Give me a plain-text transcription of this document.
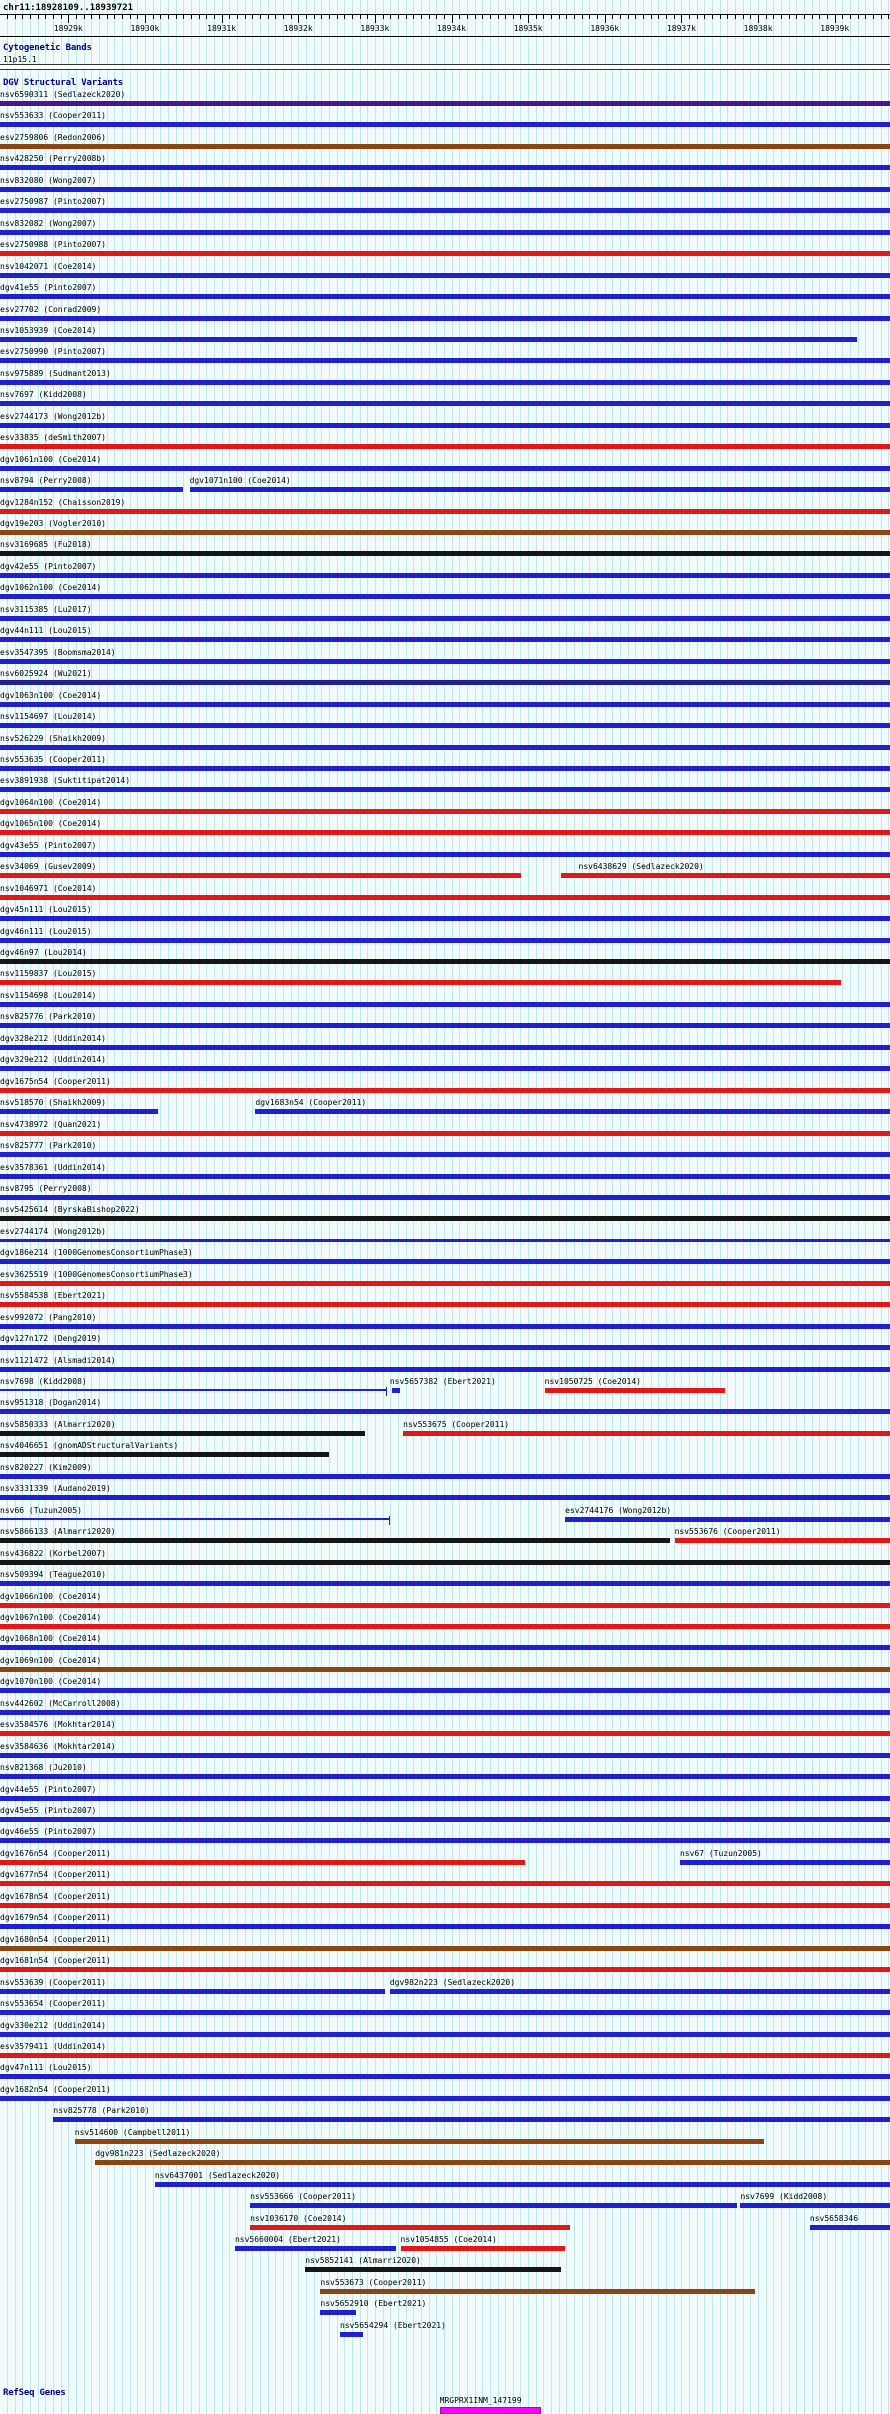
chr11:18928109..18939721
18929k	18930k	18931k	18932k	18933k	18934k	18935k	18936k	18937k	18938k	18939k
Cytogenetic Bands
11p15.1
DGV Structural Variants
nsv6590311 (Sedlazeck2020)
nsv553633 (Cooper2011)
esv2759806 (Redon2006)
nsv428250 (Perry2008b)
nsv832080 (Wong2007)
esv2750987 (Pinto2007)
nsv832082 (Wong2007)
esv2750988 (Pinto2007)
nsv1042071 (Coe2014)
dgv41e55 (Pinto2007)
esv27702 (Conrad2009)
nsv1053939 (Coe2014)
esv2750990 (Pinto2007)
nsv975889 (Sudmant2013)
nsv7697 (Kidd2008)
esv2744173 (Wong2012b)
esv33835 (deSmith2007)
dgv1061n100 (Coe2014)
nsv8794 (Perry2008)	dgv1071n100 (Coe2014)
dgv1284n152 (Chaisson2019)
dgv19e203 (Vogler2010)
nsv3169685 (Fu2018)
dgv42e55 (Pinto2007)
dgv1062n100 (Coe2014)
nsv3115385 (Lu2017)
dgv44n111 (Lou2015)
esv3547395 (Boomsma2014)
nsv6025924 (Wu2021)
dgv1063n100 (Coe2014)
nsv1154697 (Lou2014)
nsv526229 (Shaikh2009)
nsv553635 (Cooper2011)
esv3891938 (Suktitipat2014)
dgv1064n100 (Coe2014)
dgv1065n100 (Coe2014)
dgv43e55 (Pinto2007)
esv34069 (Gusev2009)	nsv6438629 (Sedlazeck2020)
nsv1046971 (Coe2014)
dgv45n111 (Lou2015)
dgv46n111 (Lou2015)
dgv46n97 (Lou2014)
nsv1159837 (Lou2015)
nsv1154698 (Lou2014)
nsv825776 (Park2010)
dgv328e212 (Uddin2014)
dgv329e212 (Uddin2014)
dgv1675n54 (Cooper2011)
nsv518570 (Shaikh2009)	dgv1683n54 (Cooper2011)
nsv4738972 (Quan2021)
nsv825777 (Park2010)
esv3578361 (Uddin2014)
nsv8795 (Perry2008)
nsv5425614 (ByrskaBishop2022)
esv2744174 (Wong2012b)
dgv186e214 (1000GenomesConsortiumPhase3)
esv3625519 (1000GenomesConsortiumPhase3)
nsv5584538 (Ebert2021)
esv992072 (Pang2010)
dgv127n172 (Deng2019)
nsv1121472 (Alsmadi2014)
nsv7698 (Kidd2008)	nsv5657382 (Ebert2021)	nsv1050725 (Coe2014)
nsv951318 (Dogan2014)
nsv5850333 (Almarri2020)	nsv553675 (Cooper2011)
nsv4046651 (gnomADStructuralVariants)
nsv820227 (Kim2009)
nsv3331339 (Audano2019)
nsv66 (Tuzun2005)	esv2744176 (Wong2012b)
nsv5866133 (Almarri2020)	nsv553676 (Cooper2011)
nsv436822 (Korbel2007)
nsv509394 (Teague2010)
dgv1066n100 (Coe2014)
dgv1067n100 (Coe2014)
dgv1068n100 (Coe2014)
dgv1069n100 (Coe2014)
dgv1070n100 (Coe2014)
nsv442602 (McCarroll2008)
esv3584576 (Mokhtar2014)
esv3584636 (Mokhtar2014)
nsv821368 (Ju2010)
dgv44e55 (Pinto2007)
dgv45e55 (Pinto2007)
dgv46e55 (Pinto2007)
dgv1676n54 (Cooper2011)	nsv67 (Tuzun2005)
dgv1677n54 (Cooper2011)
dgv1678n54 (Cooper2011)
dgv1679n54 (Cooper2011)
dgv1680n54 (Cooper2011)
dgv1681n54 (Cooper2011)
nsv553639 (Cooper2011)	dgv982n223 (Sedlazeck2020)
nsv553654 (Cooper2011)
dgv330e212 (Uddin2014)
esv3579411 (Uddin2014)
dgv47n111 (Lou2015)
dgv1682n54 (Cooper2011)
nsv825778 (Park2010)
nsv514600 (Campbell2011)
dgv981n223 (Sedlazeck2020)
nsv6437001 (Sedlazeck2020)
nsv553666 (Cooper2011)	nsv7699 (Kidd2008)
nsv1036170 (Coe2014)	nsv5658346
nsv5660004 (Ebert2021)	nsv1054855 (Coe2014)
nsv5852141 (Almarri2020)
nsv553673 (Cooper2011)
nsv5652910 (Ebert2021)
nsv5654294 (Ebert2021)
RefSeq Genes
MRGPRX1INM_147199
